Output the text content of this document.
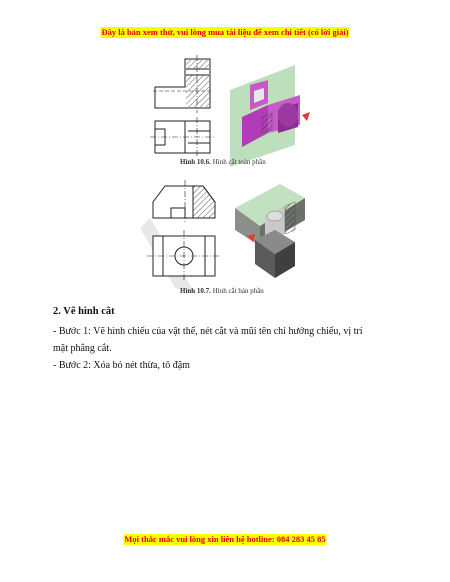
Đây là bản xem thử, vui lòng mua tài liệu để xem chi tiết (có lời giải)
Hình 10.6. Hình cắt toàn phần
Hình 10.7. Hình cắt bán phần
2. Vẽ hình cắt
- Bước 1: Vẽ hình chiếu của vật thể, nét cắt và mũi tên chỉ hướng chiếu, vị trí
mặt phẳng cắt.
- Bước 2: Xóa bỏ nét thừa, tô đậm
Mọi thắc mắc vui lòng xin liên hệ hotline: 084 283 45 85
